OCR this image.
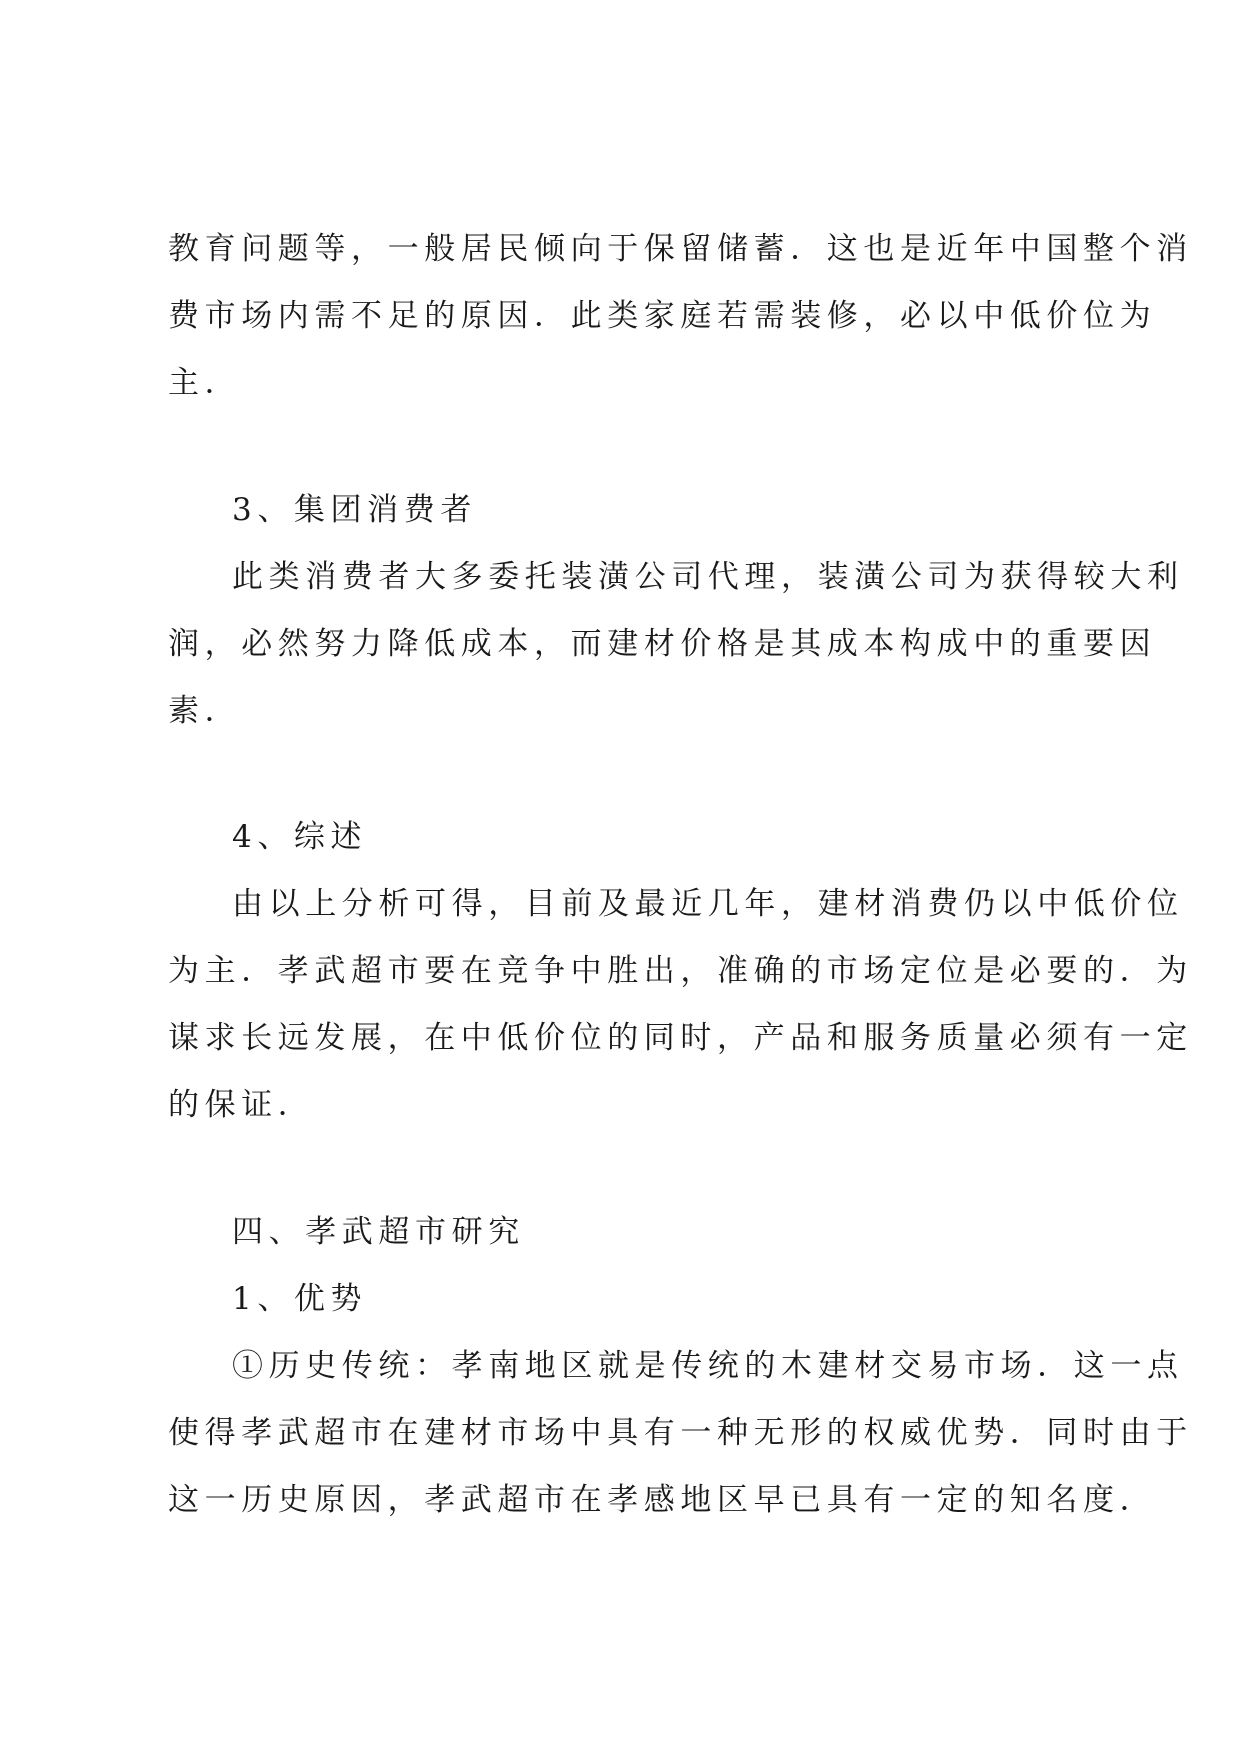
教育问题等，一般居民倾向于保留储蓄．这也是近年中国整个消
费市场内需不足的原因．此类家庭若需装修，必以中低价位为
主．
3、集团消费者
此类消费者大多委托装潢公司代理，装潢公司为获得较大利
润，必然努力降低成本，而建材价格是其成本构成中的重要因
素．
4、综述
由以上分析可得，目前及最近几年，建材消费仍以中低价位
为主．孝武超市要在竞争中胜出，准确的市场定位是必要的．为
谋求长远发展，在中低价位的同时，产品和服务质量必须有一定
的保证．
四、孝武超市研究
1、优势
①历史传统：孝南地区就是传统的木建材交易市场．这一点
使得孝武超市在建材市场中具有一种无形的权威优势．同时由于
这一历史原因，孝武超市在孝感地区早已具有一定的知名度．
